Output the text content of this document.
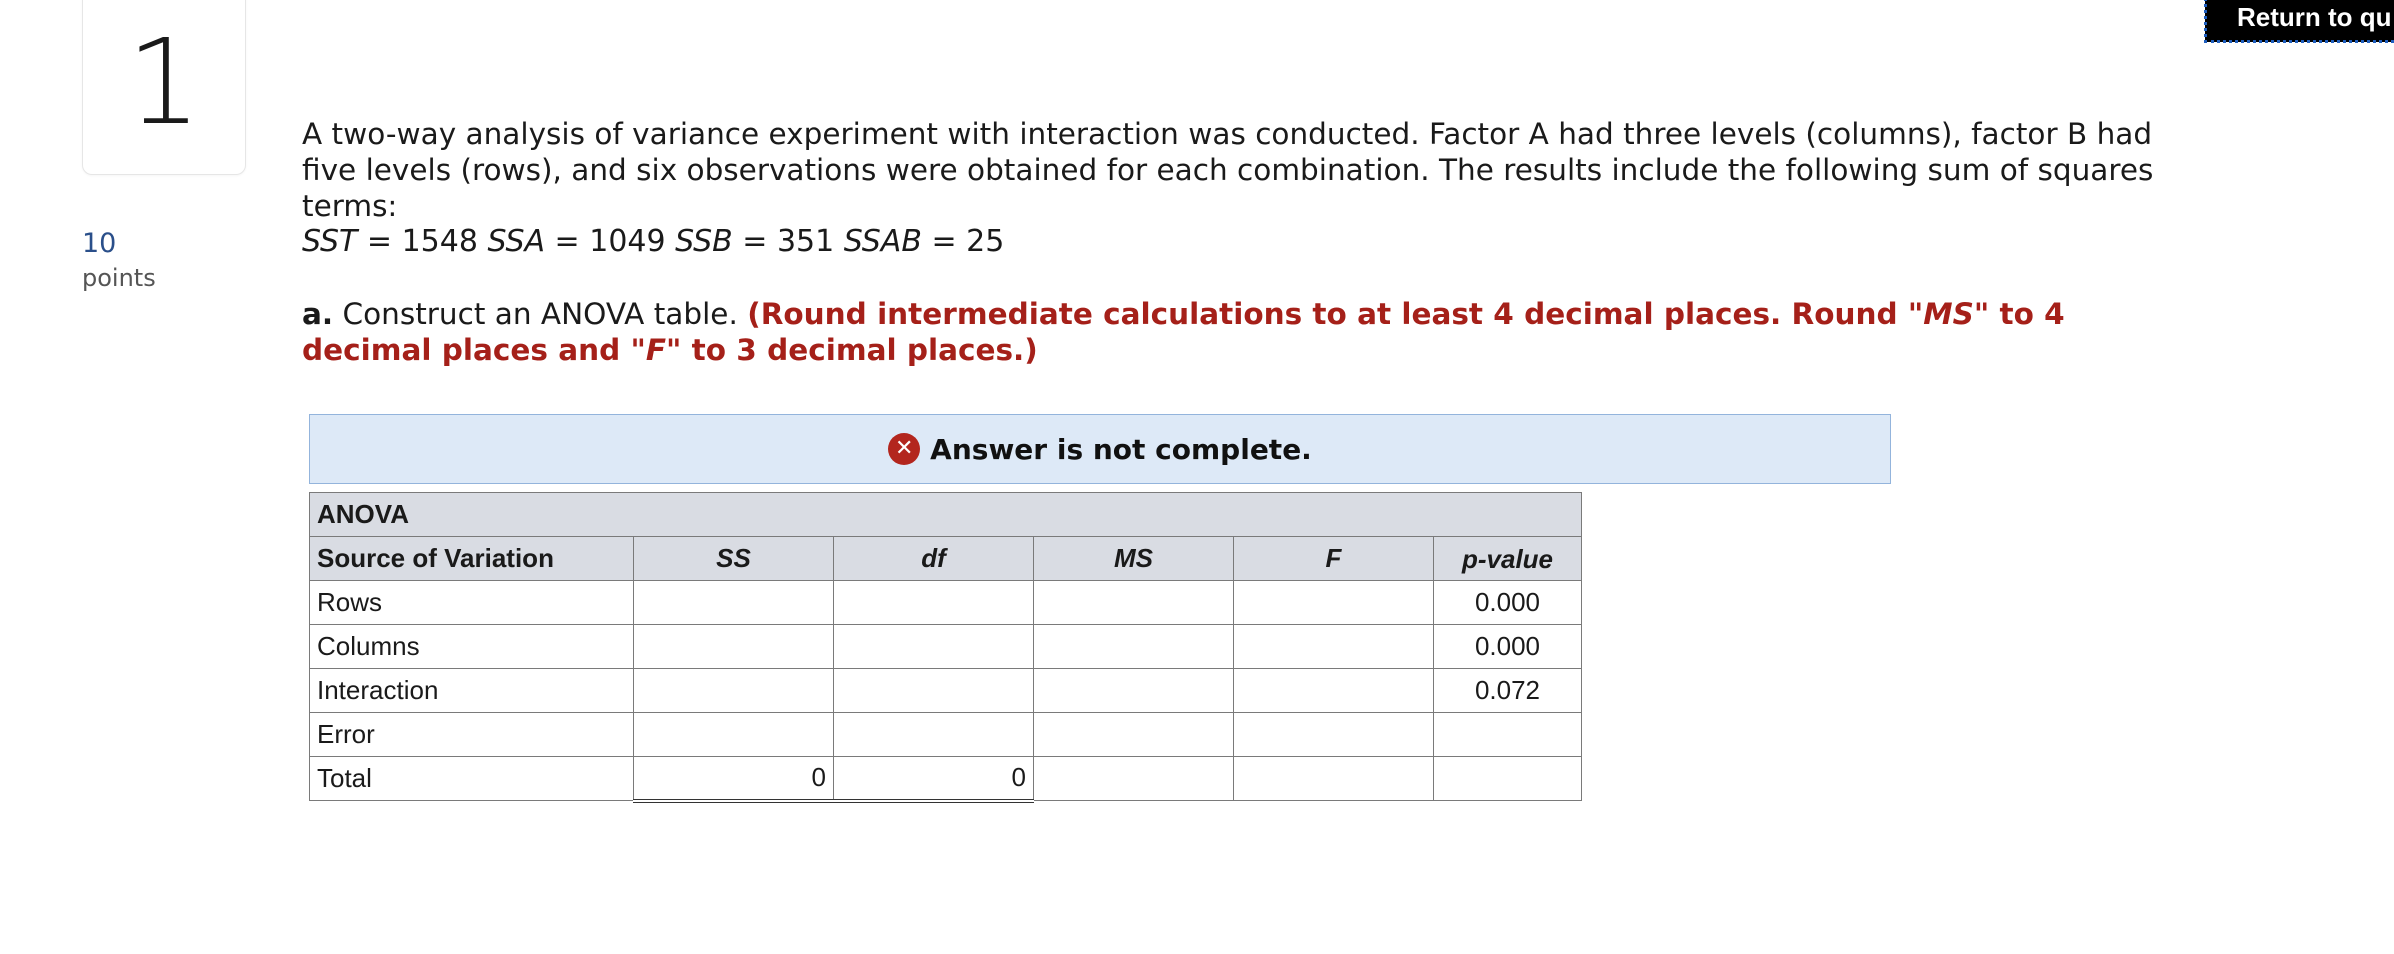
1	Return to qu
10
points
A two-way analysis of variance experiment with interaction was conducted. Factor A had three levels (columns), factor B had five levels (rows), and six observations were obtained for each combination. The results include the following sum of squares terms:
SST = 1548 SSA = 1049 SSB = 351 SSAB = 25
a. Construct an ANOVA table. (Round intermediate calculations to at least 4 decimal places. Round "MS" to 4 decimal places and "F" to 3 decimal places.)
✕ Answer is not complete.
ANOVA					
Source of Variation	SS	df	MS	F	p-value
Rows					0.000
Columns					0.000
Interaction					0.072
Error					
Total	0	0			
